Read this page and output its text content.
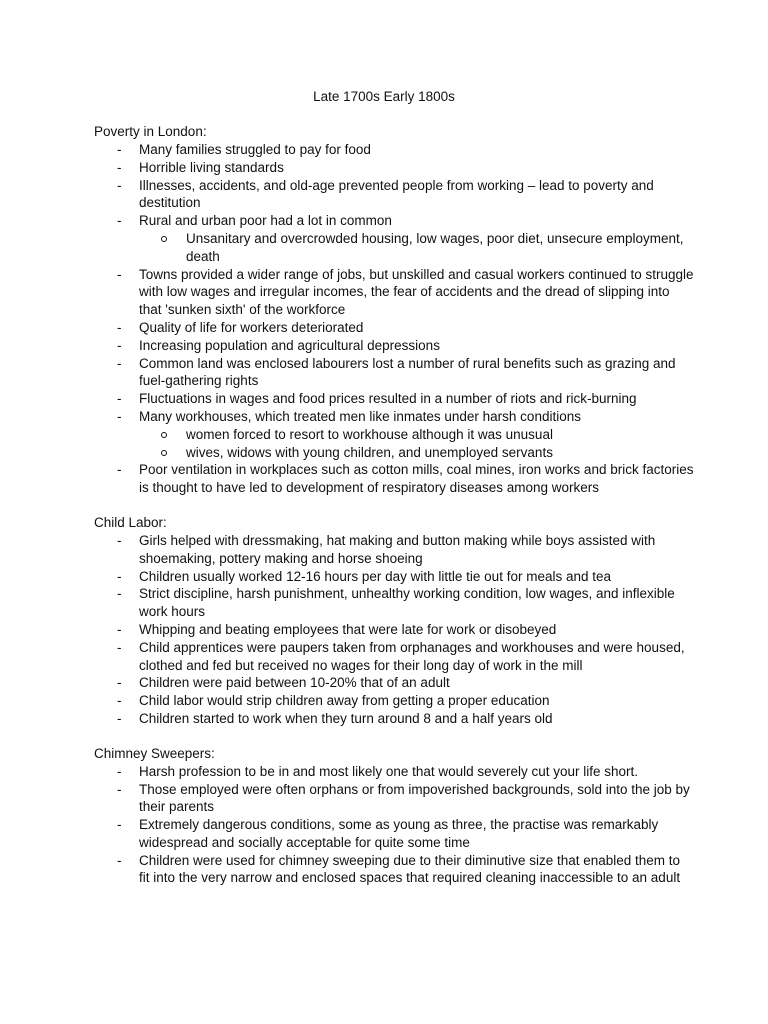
Late 1700s Early 1800s
Poverty in London:
- Many families struggled to pay for food
- Horrible living standards
- Illnesses, accidents, and old-age prevented people from working – lead to poverty and destitution
- Rural and urban poor had a lot in common
Unsanitary and overcrowded housing, low wages, poor diet, unsecure employment, death
- Towns provided a wider range of jobs, but unskilled and casual workers continued to struggle with low wages and irregular incomes, the fear of accidents and the dread of slipping into that 'sunken sixth' of the workforce
- Quality of life for workers deteriorated
- Increasing population and agricultural depressions
- Common land was enclosed labourers lost a number of rural benefits such as grazing and fuel-gathering rights
- Fluctuations in wages and food prices resulted in a number of riots and rick-burning
- Many workhouses, which treated men like inmates under harsh conditions
women forced to resort to workhouse although it was unusual
wives, widows with young children, and unemployed servants
- Poor ventilation in workplaces such as cotton mills, coal mines, iron works and brick factories is thought to have led to development of respiratory diseases among workers
Child Labor:
- Girls helped with dressmaking, hat making and button making while boys assisted with shoemaking, pottery making and horse shoeing
- Children usually worked 12-16 hours per day with little tie out for meals and tea
- Strict discipline, harsh punishment, unhealthy working condition, low wages, and inflexible work hours
- Whipping and beating employees that were late for work or disobeyed
- Child apprentices were paupers taken from orphanages and workhouses and were housed, clothed and fed but received no wages for their long day of work in the mill
- Children were paid between 10-20% that of an adult
- Child labor would strip children away from getting a proper education
- Children started to work when they turn around 8 and a half years old
Chimney Sweepers:
- Harsh profession to be in and most likely one that would severely cut your life short.
- Those employed were often orphans or from impoverished backgrounds, sold into the job by their parents
- Extremely dangerous conditions, some as young as three, the practise was remarkably widespread and socially acceptable for quite some time
- Children were used for chimney sweeping due to their diminutive size that enabled them to fit into the very narrow and enclosed spaces that required cleaning inaccessible to an adult
